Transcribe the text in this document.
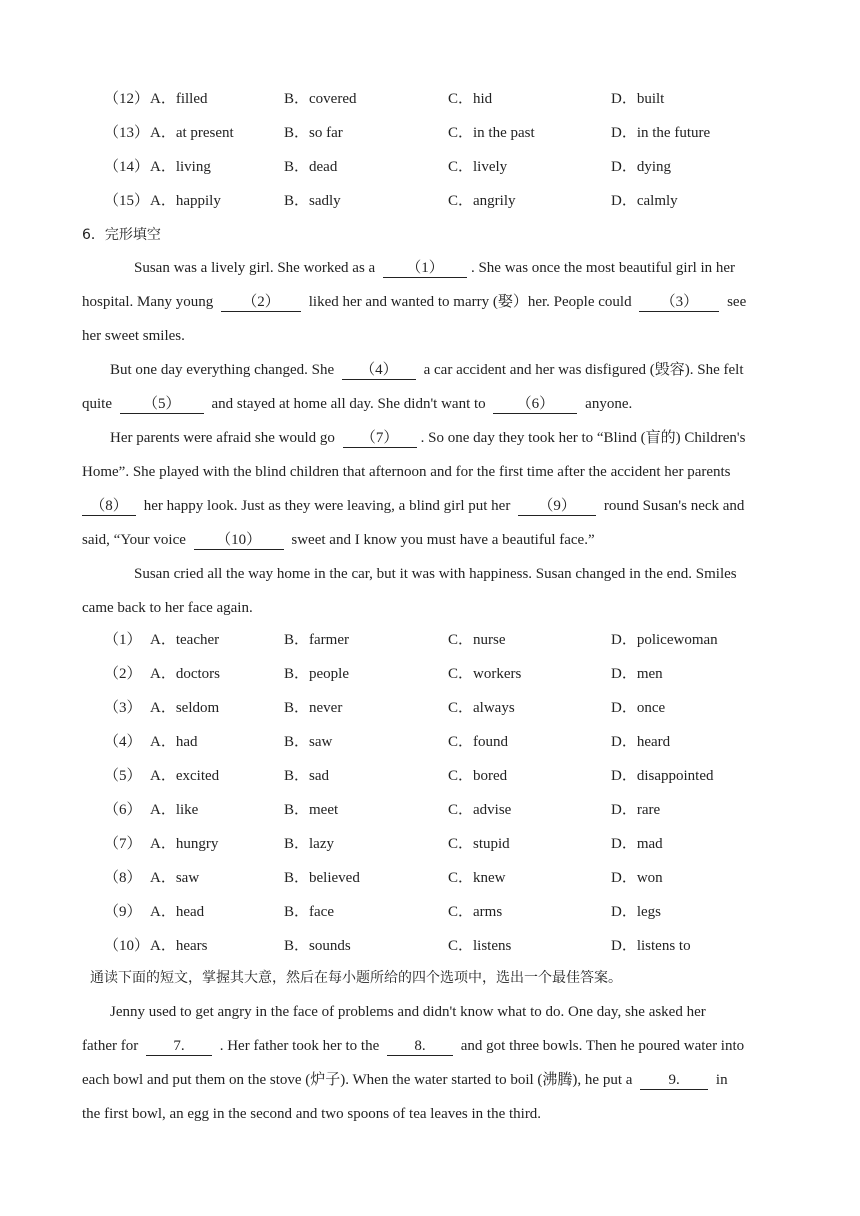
（12） A．filled	B．covered	C．hid	D．built
（13） A．at present	B．so far	C．in the past	D．in the future
（14） A．living	B．dead	C．lively	D．dying
（15） A．happily	B．sadly	C．angrily	D．calmly
6．完形填空
Susan was a lively girl. She worked as a （1） . She was once the most beautiful girl in her
hospital. Many young （2） liked her and wanted to marry (娶）her. People could （3） see
her sweet smiles.
But one day everything changed. She （4） a car accident and her was disfigured (毁容). She felt
quite （5） and stayed at home all day. She didn't want to （6） anyone.
Her parents were afraid she would go （7） . So one day they took her to “Blind (盲的) Children's
Home”. She played with the blind children that afternoon and for the first time after the accident her parents
（8） her happy look. Just as they were leaving, a blind girl put her （9） round Susan's neck and
said, “Your voice （10） sweet and I know you must have a beautiful face.”
Susan cried all the way home in the car, but it was with happiness. Susan changed in the end. Smiles
came back to her face again.
（1） A．teacher	B．farmer	C．nurse	D．policewoman
（2） A．doctors	B．people	C．workers	D．men
（3） A．seldom	B．never	C．always	D．once
（4） A．had	B．saw	C．found	D．heard
（5） A．excited	B．sad	C．bored	D．disappointed
（6） A．like	B．meet	C．advise	D．rare
（7） A．hungry	B．lazy	C．stupid	D．mad
（8） A．saw	B．believed	C．knew	D．won
（9） A．head	B．face	C．arms	D．legs
（10） A．hears	B．sounds	C．listens	D．listens to
通读下面的短文，掌握其大意，然后在每小题所给的四个选项中，选出一个最佳答案。
Jenny used to get angry in the face of problems and didn't know what to do. One day, she asked her
father for 7. . Her father took her to the 8. and got three bowls. Then he poured water into
each bowl and put them on the stove (炉子). When the water started to boil (沸腾), he put a 9. in
the first bowl, an egg in the second and two spoons of tea leaves in the third.
